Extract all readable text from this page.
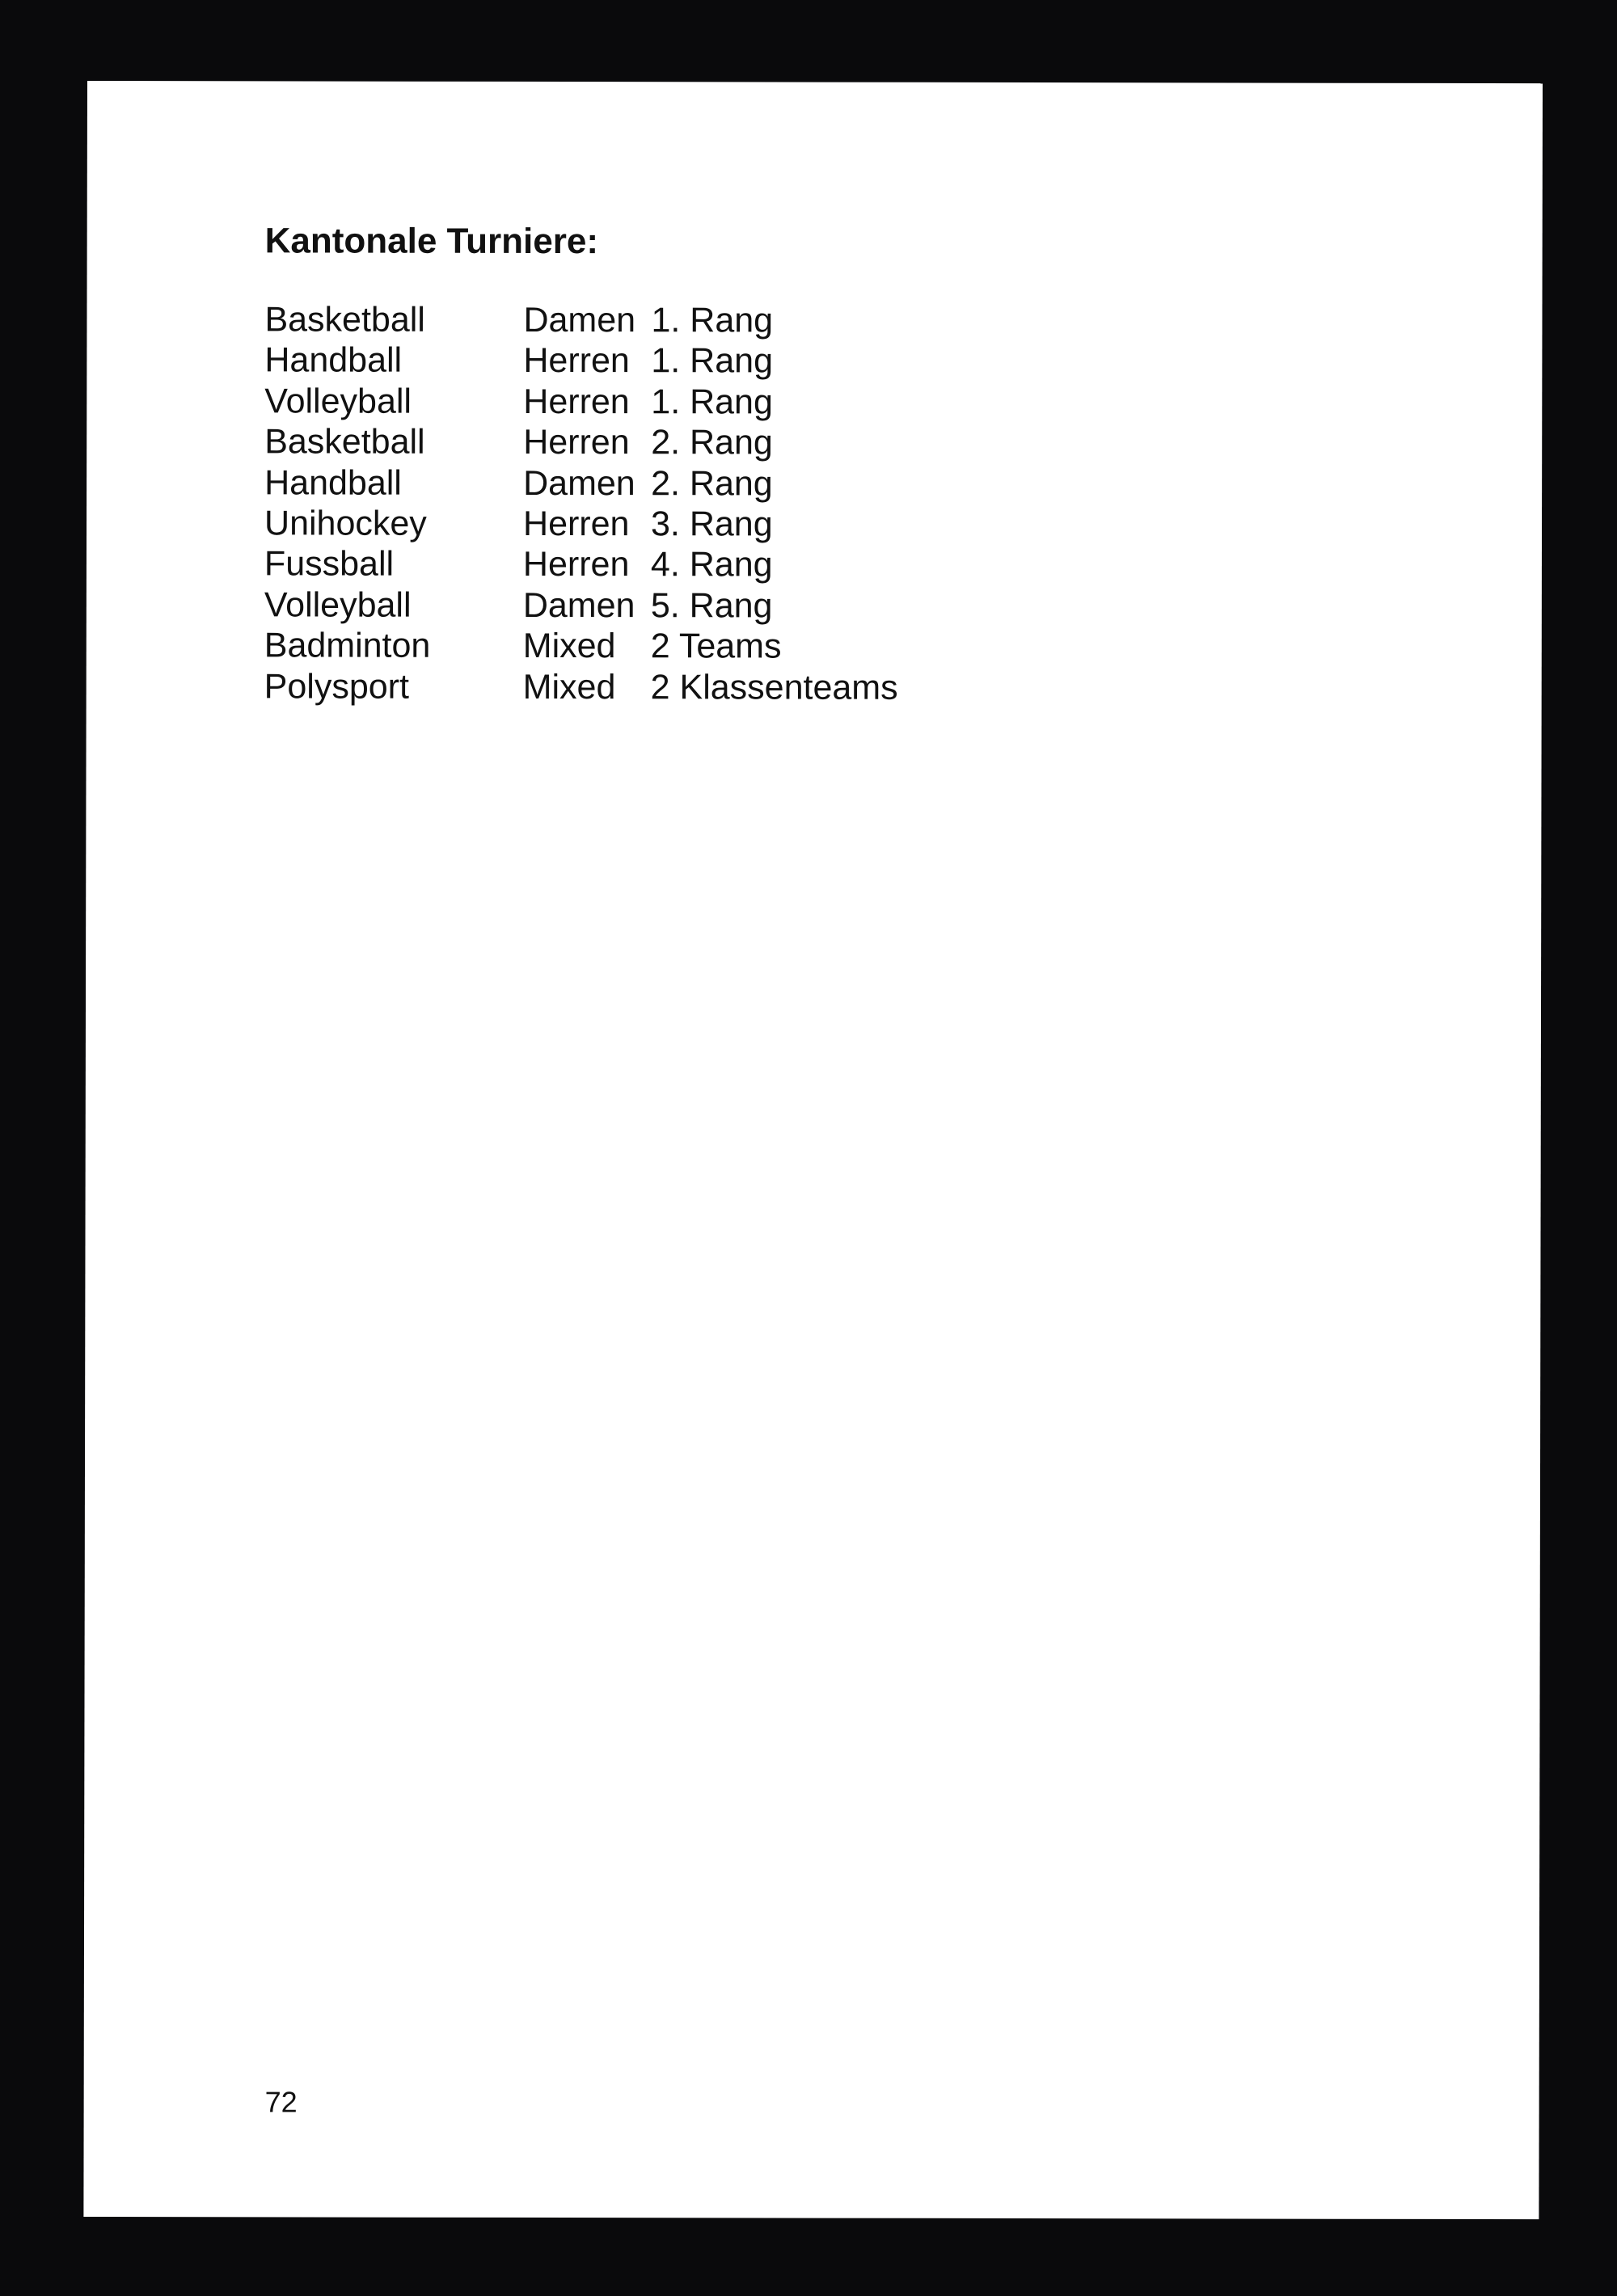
Kantonale Turniere:
Basketball	Damen 1. Rang
Handball	Herren 1. Rang
Volleyball	Herren 1. Rang
Basketball	Herren 2. Rang
Handball	Damen 2. Rang
Unihockey	Herren 3. Rang
Fussball	Herren 4. Rang
Volleyball	Damen 5. Rang
Badminton	Mixed 2 Teams
Polysport	Mixed 2 Klassenteams
72
